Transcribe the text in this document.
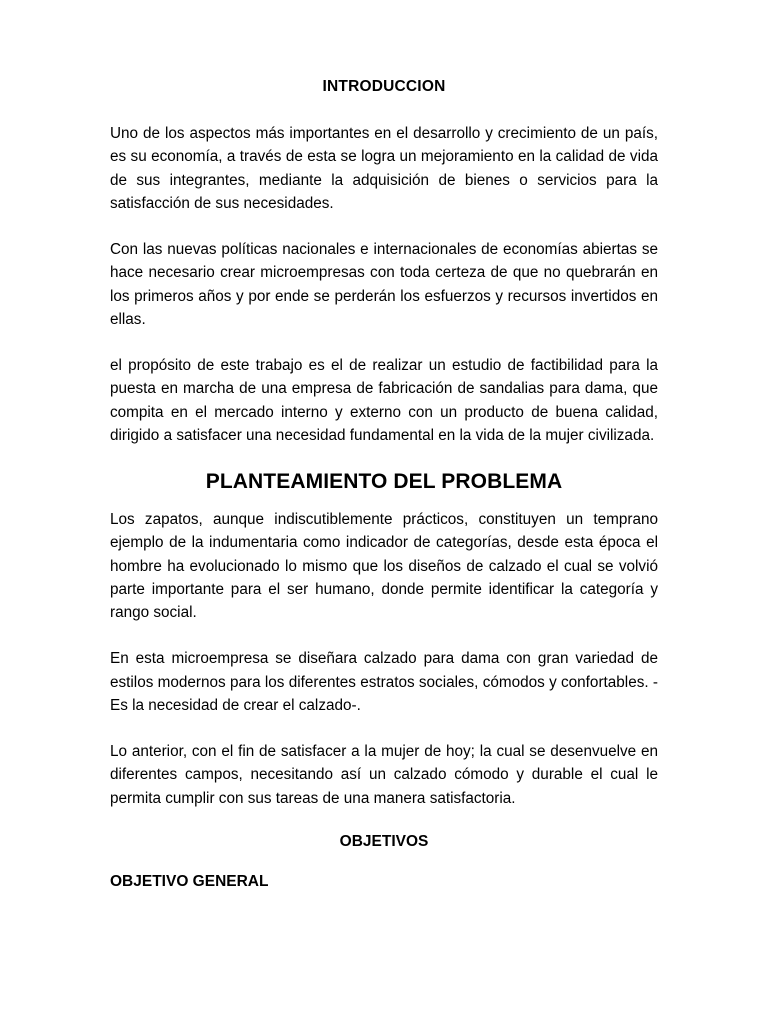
INTRODUCCION

Uno de los aspectos más importantes en el desarrollo y crecimiento de un país, es su economía, a través de esta se logra un mejoramiento en la calidad de vida de sus integrantes, mediante la adquisición de bienes o servicios para la satisfacción de sus necesidades.

Con las nuevas políticas nacionales e internacionales de economías abiertas se hace necesario crear microempresas con toda certeza de que no quebrarán en los primeros años y por ende se perderán los esfuerzos y recursos invertidos en ellas.

el propósito de este trabajo es el de realizar un estudio de factibilidad para la puesta en marcha de una empresa de fabricación de sandalias para dama, que compita en el mercado interno y externo con un producto de buena calidad, dirigido a satisfacer una necesidad fundamental en la vida de la mujer civilizada.

PLANTEAMIENTO DEL PROBLEMA

Los zapatos, aunque indiscutiblemente prácticos, constituyen un temprano ejemplo de la indumentaria como indicador de categorías, desde esta época el hombre ha evolucionado lo mismo que los diseños de calzado el cual se volvió parte importante para el ser humano, donde permite identificar la categoría y rango social.

En esta microempresa se diseñara calzado para dama con gran variedad de estilos modernos para los diferentes estratos sociales, cómodos y confortables. -Es la necesidad de crear el calzado-.

Lo anterior, con el fin de satisfacer a la mujer de hoy; la cual se desenvuelve en diferentes campos, necesitando así un calzado cómodo y durable el cual le permita cumplir con sus tareas de una manera satisfactoria.

OBJETIVOS
OBJETIVO GENERAL
